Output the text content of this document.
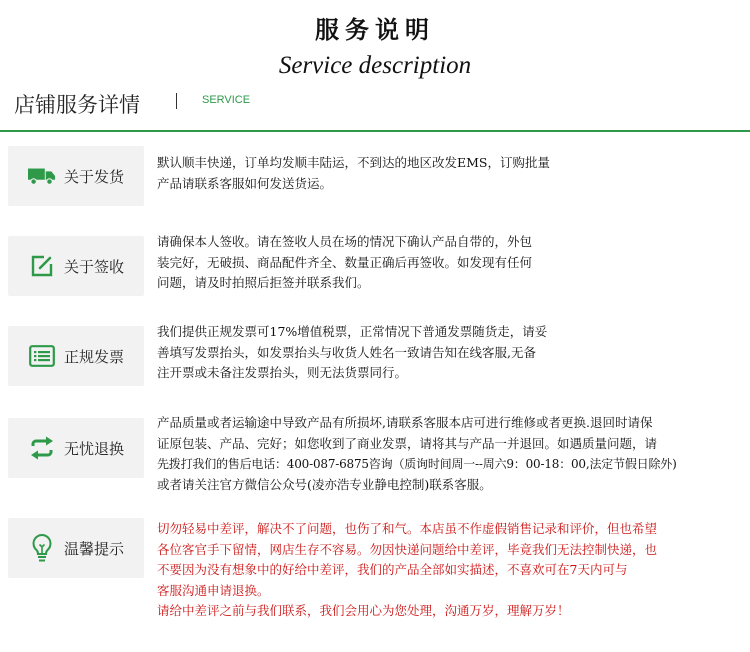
服务说明
Service description
店铺服务详情	SERVICE
关于发货

默认顺丰快递，订单均发顺丰陆运，不到达的地区改发EMS，订购批量

产品请联系客服如何发送货运。

关于签收

请确保本人签收。请在签收人员在场的情况下确认产品自带的，外包

装完好，无破损、商品配件齐全、数量正确后再签收。如发现有任何

问题，请及时拍照后拒签并联系我们。

正规发票

我们提供正规发票可17%增值税票，正常情况下普通发票随货走，请妥

善填写发票抬头，如发票抬头与收货人姓名一致请告知在线客服,无备

注开票或未备注发票抬头，则无法货票同行。

无忧退换

产品质量或者运输途中导致产品有所损坏,请联系客服本店可进行维修或者更换.退回时请保

证原包装、产品、完好；如您收到了商业发票，请将其与产品一并退回。如遇质量问题，请

先拨打我们的售后电话：400-087-6875咨询（质询时间周一--周六9：00-18：00,法定节假日除外)

或者请关注官方微信公众号(凌亦浩专业静电控制)联系客服。

温馨提示

切勿轻易中差评，解决不了问题，也伤了和气。本店虽不作虚假销售记录和评价，但也希望

各位客官手下留情，网店生存不容易。勿因快递问题给中差评，毕竟我们无法控制快递，也

不要因为没有想象中的好给中差评，我们的产品全部如实描述，不喜欢可在7天内可与

客服沟通申请退换。

请给中差评之前与我们联系，我们会用心为您处理，沟通万岁，理解万岁！
